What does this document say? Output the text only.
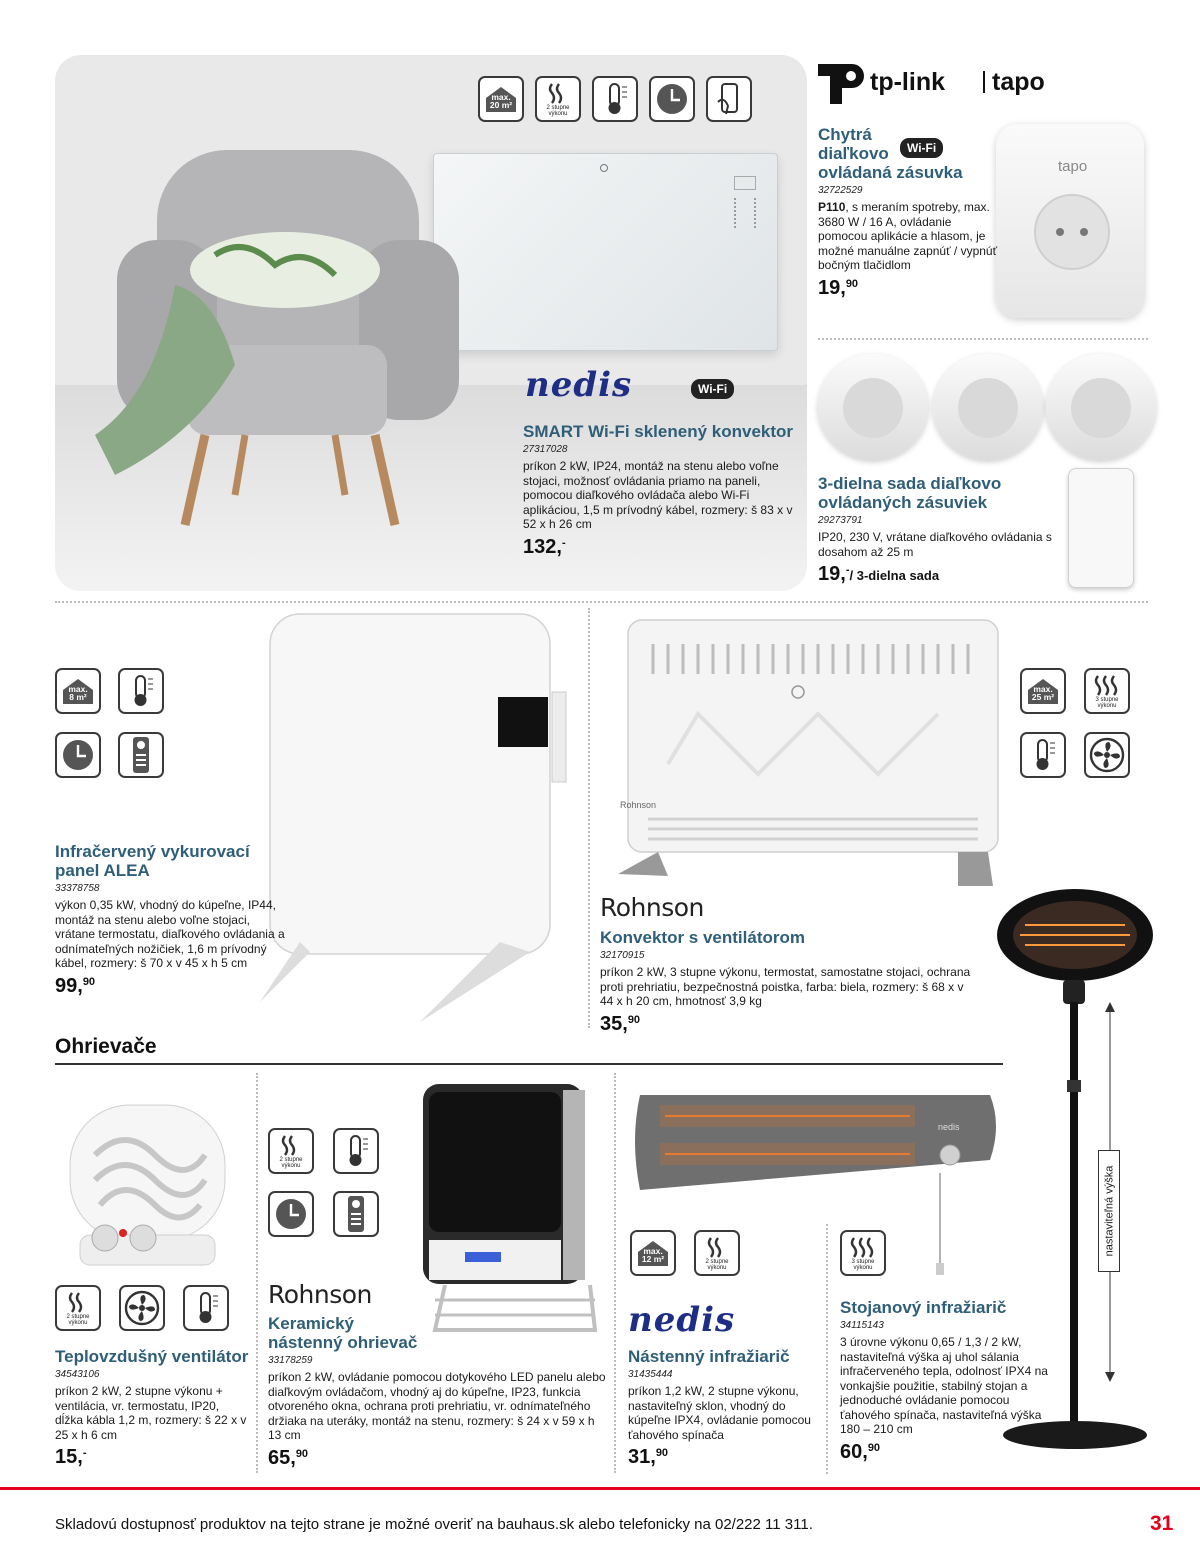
max.
20 m²	2 stupne
výkonu
nedis	Wi-Fi
SMART Wi-Fi sklenený konvektor
27317028
príkon 2 kW, IP24, montáž na stenu alebo voľne stojaci, možnosť ovládania priamo na paneli, pomocou diaľkového ovládača alebo Wi-Fi aplikáciou, 1,5 m prívodný kábel, rozmery: š 83 x v 52 x h 26 cm
132,-
tp-link tapo
tapo
Chytrá
diaľkovo
ovládaná zásuvka
32722529
P110, s meraním spotreby, max. 3680 W / 16 A, ovládanie pomocou aplikácie a hlasom, je možné manuálne zapnúť / vypnúť bočným tlačidlom
19,90
Wi-Fi
3-dielna sada diaľkovo
ovládaných zásuviek
29273791
IP20, 230 V, vrátane diaľkového ovládania s dosahom až 25 m
19,-/ 3-dielna sada
max.
8 m²
Infračervený vykurovací
panel ALEA
33378758
výkon 0,35 kW, vhodný do kúpeľne, IP44, montáž na stenu alebo voľne stojaci, vrátane termostatu, diaľkového ovládania a odnímateľných nožičiek, 1,6 m prívodný kábel, rozmery: š 70 x v 45 x h 5 cm
99,90
Rohnson
max.
25 m²	3 stupne
výkonu
Rohnson
Konvektor s ventilátorom
32170915
príkon 2 kW, 3 stupne výkonu, termostat, samostatne stojaci, ochrana proti prehriatiu, bezpečnostná poistka, farba: biela, rozmery: š 68 x v 44 x h 20 cm, hmotnosť 3,9 kg
35,90
Ohrievače
2 stupne
výkonu
Teplovzdušný ventilátor
34543106
príkon 2 kW, 2 stupne výkonu + ventilácia, vr. termostatu, IP20, dĺžka kábla 1,2 m, rozmery: š 22 x v 25 x h 6 cm
15,-
2 stupne
výkonu
Rohnson
Keramický
nástenný ohrievač
33178259
príkon 2 kW, ovládanie pomocou dotykového LED panelu alebo diaľkovým ovládačom, vhodný aj do kúpeľne, IP23, funkcia otvoreného okna, ochrana proti prehriatiu, vr. odnímateľného držiaka na uteráky, montáž na stenu, rozmery: š 24 x v 59 x h 13 cm
65,90
nedis
max.
12 m²	2 stupne
výkonu
nedis
Nástenný infražiarič
31435444
príkon 1,2 kW, 2 stupne výkonu, nastaviteľný sklon, vhodný do kúpeľne IPX4, ovládanie pomocou ťahového spínača
31,90
3 stupne
výkonu
nastaviteľná výška
Stojanový infražiarič
34115143
3 úrovne výkonu 0,65 / 1,3 / 2 kW, nastaviteľná výška aj uhol sálania infračerveného tepla, odolnosť IPX4 na vonkajšie použitie, stabilný stojan a jednoduché ovládanie pomocou ťahového spínača, nastaviteľná výška 180 – 210 cm
60,90
Skladovú dostupnosť produktov na tejto strane je možné overiť na bauhaus.sk alebo telefonicky na 02/222 11 311.	31
